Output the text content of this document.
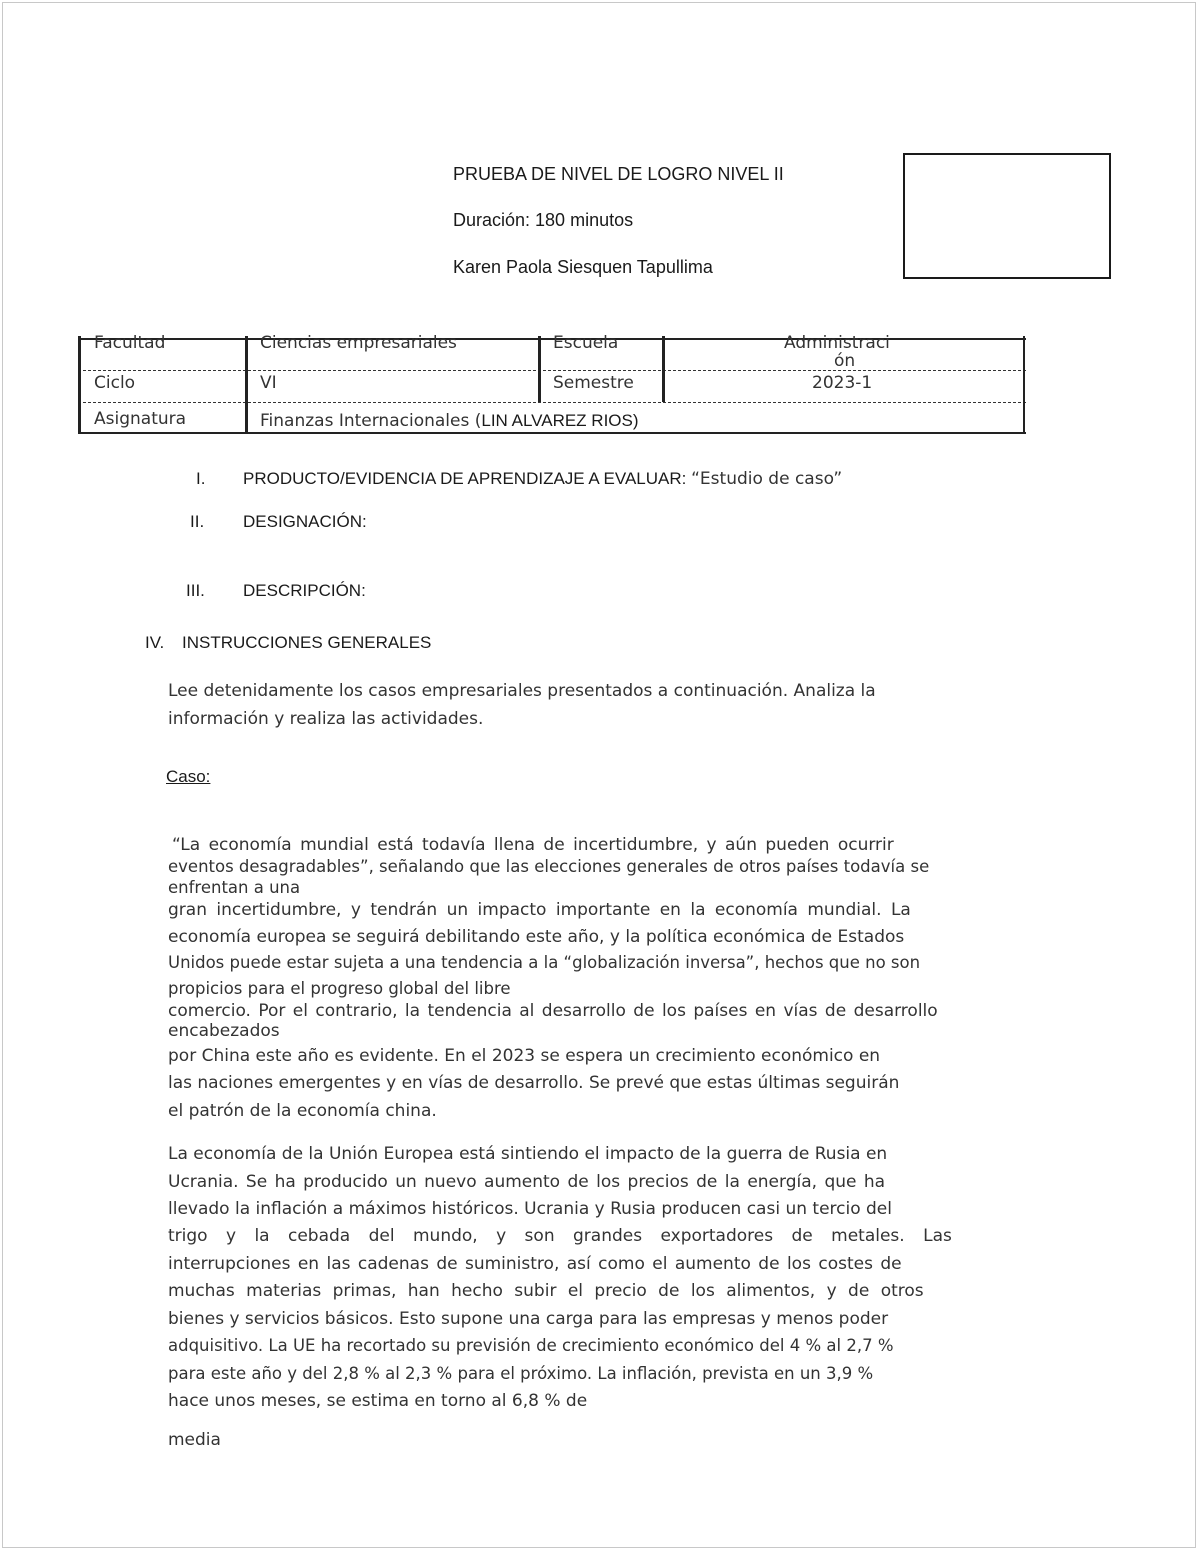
PRUEBA DE NIVEL DE LOGRO NIVEL II
Duración: 180 minutos
Karen Paola Siesquen Tapullima
Facultad	Ciencias empresariales	Escuela	Administraci
ón
Ciclo	VI	Semestre	2023-1
Asignatura	Finanzas Internacionales (LIN ALVAREZ RIOS)
I. PRODUCTO/EVIDENCIA DE APRENDIZAJE A EVALUAR: “Estudio de caso”
II. DESIGNACIÓN:
III. DESCRIPCIÓN:
IV. INSTRUCCIONES GENERALES
Lee detenidamente los casos empresariales presentados a continuación. Analiza la
información y realiza las actividades.
Caso:
“La economía mundial está todavía llena de incertidumbre, y aún pueden ocurrir
eventos desagradables”, señalando que las elecciones generales de otros países todavía se
enfrentan a una
gran incertidumbre, y tendrán un impacto importante en la economía mundial. La
economía europea se seguirá debilitando este año, y la política económica de Estados
Unidos puede estar sujeta a una tendencia a la “globalización inversa”, hechos que no son
propicios para el progreso global del libre
comercio. Por el contrario, la tendencia al desarrollo de los países en vías de desarrollo
encabezados
por China este año es evidente. En el 2023 se espera un crecimiento económico en
las naciones emergentes y en vías de desarrollo. Se prevé que estas últimas seguirán
el patrón de la economía china.
La economía de la Unión Europea está sintiendo el impacto de la guerra de Rusia en
Ucrania. Se ha producido un nuevo aumento de los precios de la energía, que ha
llevado la inflación a máximos históricos. Ucrania y Rusia producen casi un tercio del
trigo y la cebada del mundo, y son grandes exportadores de metales. Las
interrupciones en las cadenas de suministro, así como el aumento de los costes de
muchas materias primas, han hecho subir el precio de los alimentos, y de otros
bienes y servicios básicos. Esto supone una carga para las empresas y menos poder
adquisitivo. La UE ha recortado su previsión de crecimiento económico del 4 % al 2,7 %
para este año y del 2,8 % al 2,3 % para el próximo. La inflación, prevista en un 3,9 %
hace unos meses, se estima en torno al 6,8 % de
media
